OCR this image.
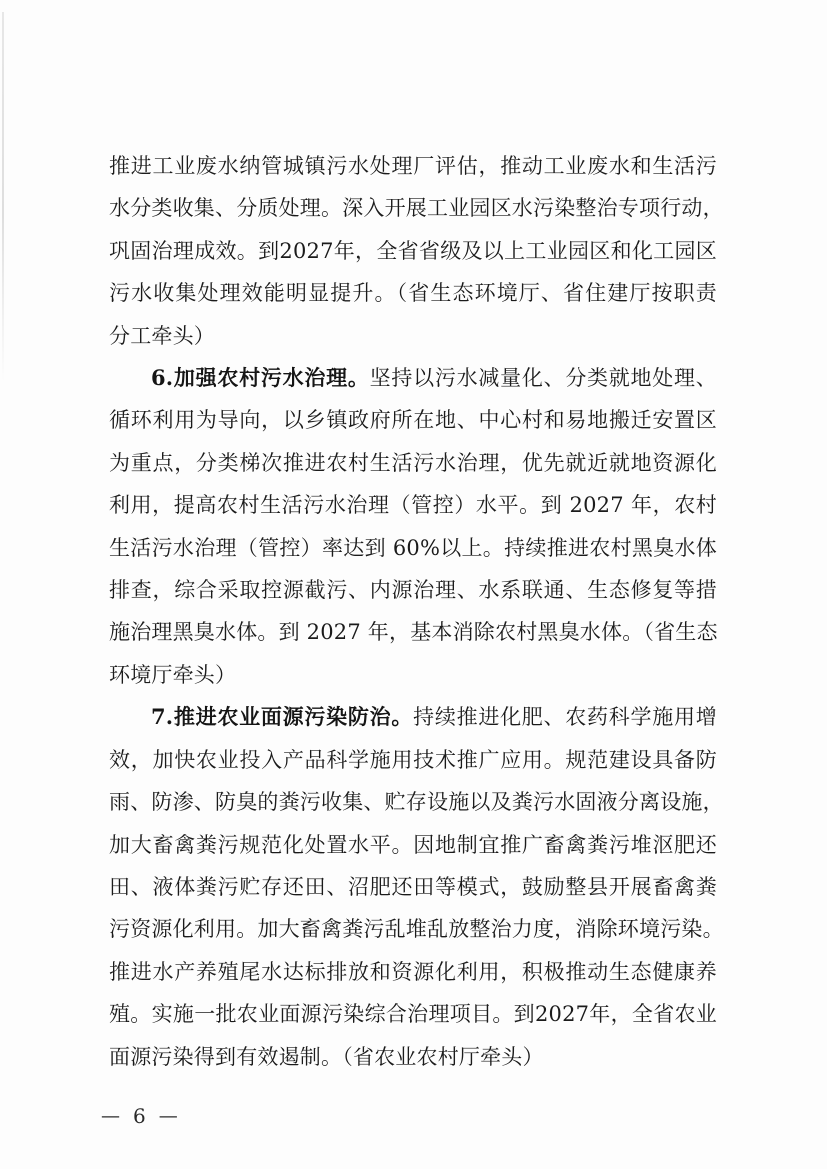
推进工业废水纳管城镇污水处理厂评估，推动工业废水和生活污
水分类收集、分质处理。深入开展工业园区水污染整治专项行动，
巩固治理成效。到2027年，全省省级及以上工业园区和化工园区
污水收集处理效能明显提升。（省生态环境厅、省住建厅按职责
分工牵头）
6.加强农村污水治理。坚持以污水减量化、分类就地处理、
循环利用为导向，以乡镇政府所在地、中心村和易地搬迁安置区
为重点，分类梯次推进农村生活污水治理，优先就近就地资源化
利用，提高农村生活污水治理（管控）水平。到 2027 年，农村
生活污水治理（管控）率达到 60%以上。持续推进农村黑臭水体
排查，综合采取控源截污、内源治理、水系联通、生态修复等措
施治理黑臭水体。到 2027 年，基本消除农村黑臭水体。（省生态
环境厅牵头）
7.推进农业面源污染防治。持续推进化肥、农药科学施用增
效，加快农业投入产品科学施用技术推广应用。规范建设具备防
雨、防渗、防臭的粪污收集、贮存设施以及粪污水固液分离设施，
加大畜禽粪污规范化处置水平。因地制宜推广畜禽粪污堆沤肥还
田、液体粪污贮存还田、沼肥还田等模式，鼓励整县开展畜禽粪
污资源化利用。加大畜禽粪污乱堆乱放整治力度，消除环境污染。
推进水产养殖尾水达标排放和资源化利用，积极推动生态健康养
殖。实施一批农业面源污染综合治理项目。到2027年，全省农业
面源污染得到有效遏制。（省农业农村厅牵头）
— 6 —
